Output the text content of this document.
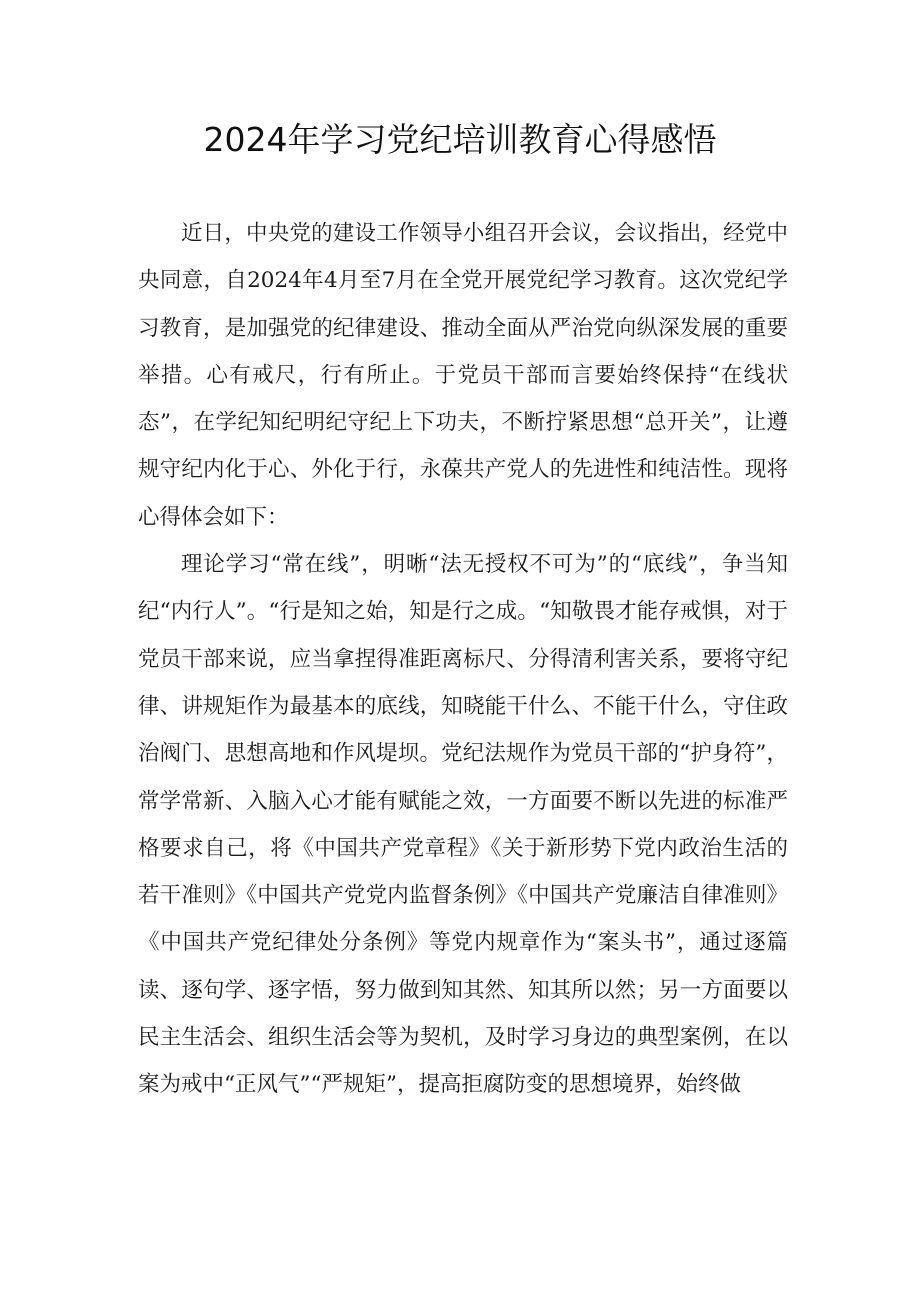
2024年学习党纪培训教育心得感悟

近日，中央党的建设工作领导小组召开会议，会议指出，经党中央同意，自2024年4月至7月在全党开展党纪学习教育。这次党纪学习教育，是加强党的纪律建设、推动全面从严治党向纵深发展的重要举措。心有戒尺，行有所止。于党员干部而言要始终保持“在线状态”，在学纪知纪明纪守纪上下功夫，不断拧紧思想“总开关”，让遵规守纪内化于心、外化于行，永葆共产党人的先进性和纯洁性。现将心得体会如下：

理论学习“常在线”，明晰“法无授权不可为”的“底线”，争当知纪“内行人”。“行是知之始，知是行之成。“知敬畏才能存戒惧，对于党员干部来说，应当拿捏得准距离标尺、分得清利害关系，要将守纪律、讲规矩作为最基本的底线，知晓能干什么、不能干什么，守住政治阀门、思想高地和作风堤坝。党纪法规作为党员干部的“护身符”，常学常新、入脑入心才能有赋能之效，一方面要不断以先进的标准严格要求自己，将《中国共产党章程》《关于新形势下党内政治生活的若干准则》《中国共产党党内监督条例》《中国共产党廉洁自律准则》《中国共产党纪律处分条例》等党内规章作为“案头书”，通过逐篇读、逐句学、逐字悟，努力做到知其然、知其所以然；另一方面要以民主生活会、组织生活会等为契机，及时学习身边的典型案例，在以案为戒中“正风气”“严规矩”，提高拒腐防变的思想境界，始终做
